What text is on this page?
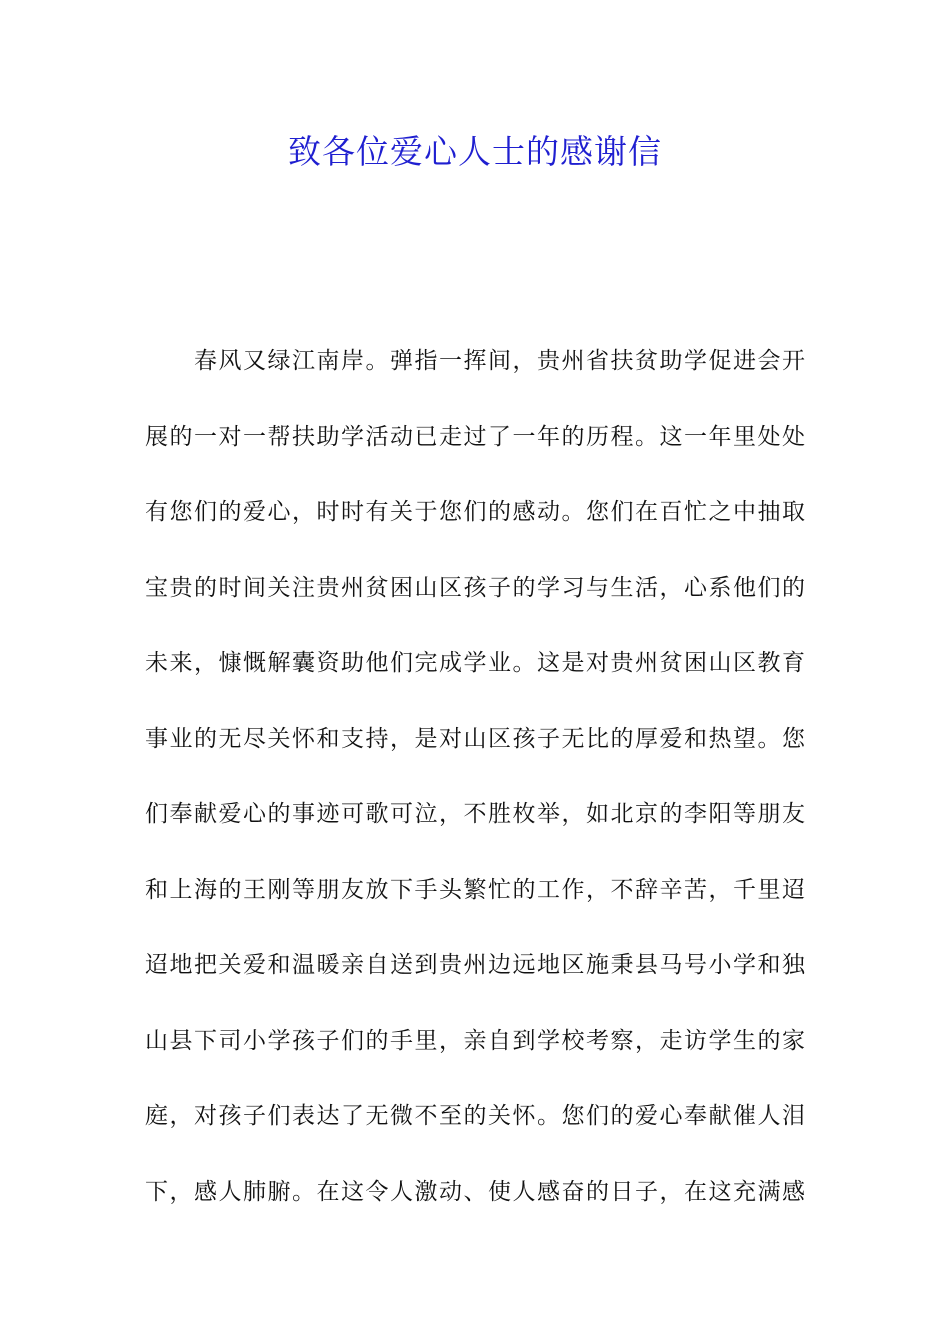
致各位爱心人士的感谢信
　　春风又绿江南岸。弹指一挥间，贵州省扶贫助学促进会开
展的一对一帮扶助学活动已走过了一年的历程。这一年里处处
有您们的爱心，时时有关于您们的感动。您们在百忙之中抽取
宝贵的时间关注贵州贫困山区孩子的学习与生活，心系他们的
未来，慷慨解囊资助他们完成学业。这是对贵州贫困山区教育
事业的无尽关怀和支持，是对山区孩子无比的厚爱和热望。您
们奉献爱心的事迹可歌可泣，不胜枚举，如北京的李阳等朋友
和上海的王刚等朋友放下手头繁忙的工作，不辞辛苦，千里迢
迢地把关爱和温暖亲自送到贵州边远地区施秉县马号小学和独
山县下司小学孩子们的手里，亲自到学校考察，走访学生的家
庭，对孩子们表达了无微不至的关怀。您们的爱心奉献催人泪
下，感人肺腑。在这令人激动、使人感奋的日子，在这充满感
